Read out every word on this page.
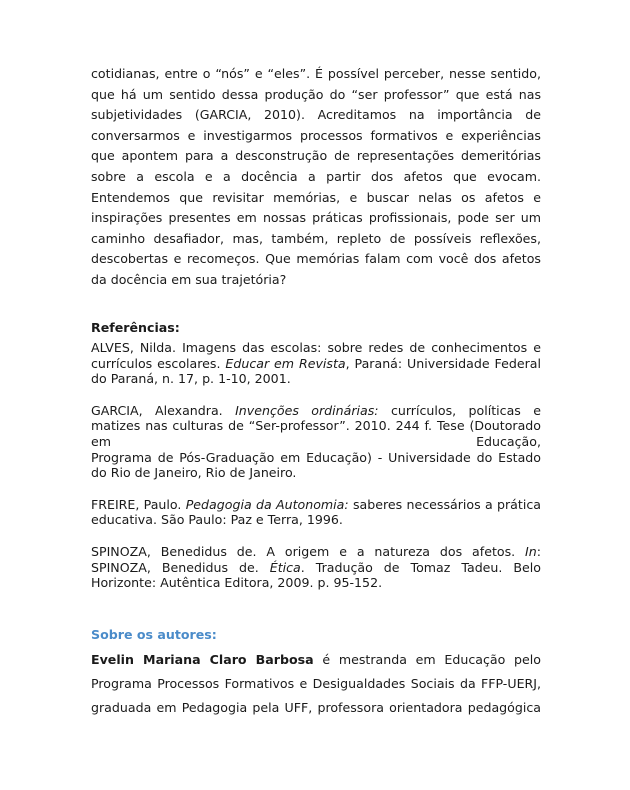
cotidianas, entre o “nós” e “eles”. É possível perceber, nesse sentido,
que há um sentido dessa produção do “ser professor” que está nas
subjetividades (GARCIA, 2010). Acreditamos na importância de
conversarmos e investigarmos processos formativos e experiências
que apontem para a desconstrução de representações demeritórias
sobre a escola e a docência a partir dos afetos que evocam.
Entendemos que revisitar memórias, e buscar nelas os afetos e
inspirações presentes em nossas práticas profissionais, pode ser um
caminho desafiador, mas, também, repleto de possíveis reflexões,
descobertas e recomeços. Que memórias falam com você dos afetos
da docência em sua trajetória?
Referências:
ALVES, Nilda. Imagens das escolas: sobre redes de conhecimentos e
currículos escolares. Educar em Revista, Paraná: Universidade Federal
do Paraná, n. 17, p. 1-10, 2001.
GARCIA, Alexandra. Invenções ordinárias: currículos, políticas e
matizes nas culturas de “Ser-professor”. 2010. 244 f. Tese (Doutorado
em	Educação,
Programa de Pós-Graduação em Educação) - Universidade do Estado
do Rio de Janeiro, Rio de Janeiro.
FREIRE, Paulo. Pedagogia da Autonomia: saberes necessários a prática
educativa. São Paulo: Paz e Terra, 1996.
SPINOZA, Benedidus de. A origem e a natureza dos afetos. In:
SPINOZA, Benedidus de. Ética. Tradução de Tomaz Tadeu. Belo
Horizonte: Autêntica Editora, 2009. p. 95-152.
Sobre os autores:
Evelin Mariana Claro Barbosa é mestranda em Educação pelo
Programa Processos Formativos e Desigualdades Sociais da FFP-UERJ,
graduada em Pedagogia pela UFF, professora orientadora pedagógica
